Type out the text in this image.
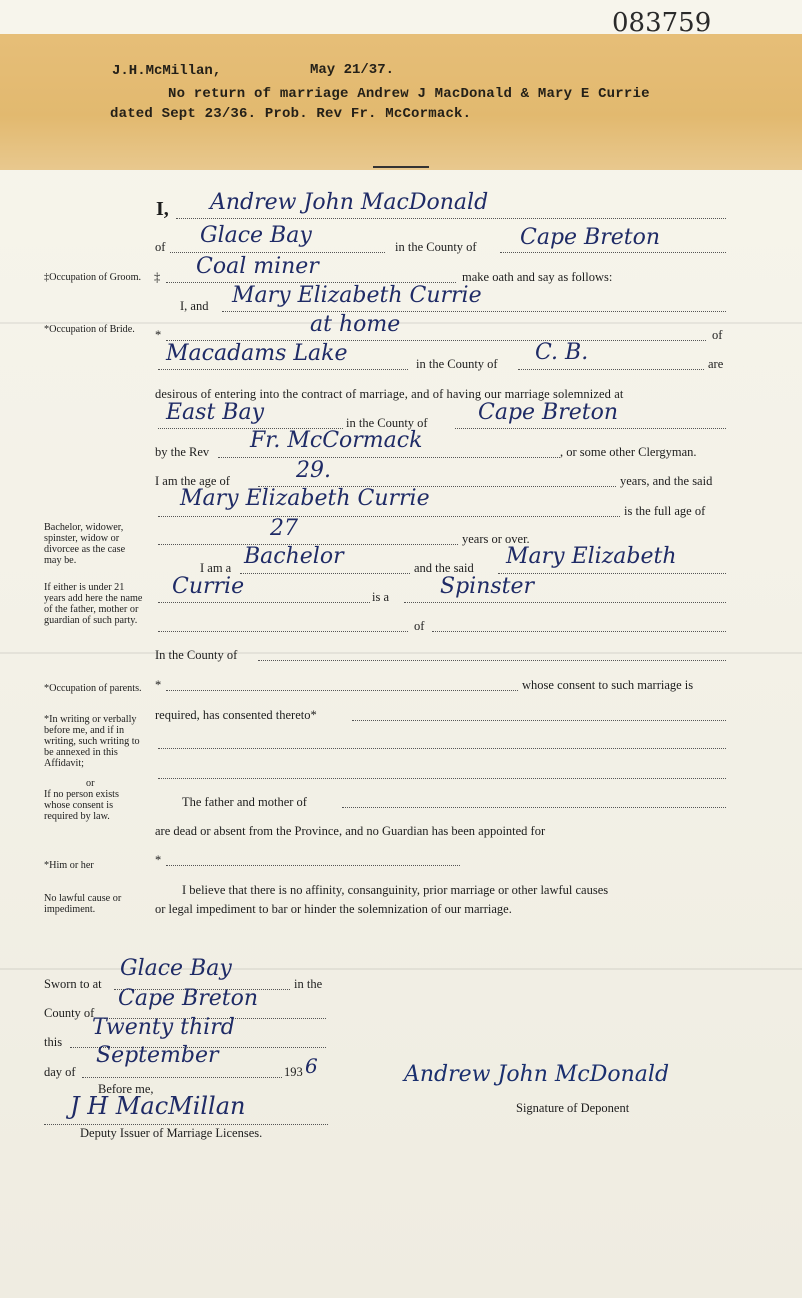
083759
J.H.McMillan,	May 21/37.
No return of marriage Andrew J MacDonald & Mary E Currie
dated Sept 23/36. Prob. Rev Fr. McCormack.
‡Occupation of Groom.
*Occupation of Bride.
Bachelor, widower, spinster, widow or divorcee as the case may be.
If either is under 21 years add here the name of the father, mother or guardian of such party.
*Occupation of parents.
*In writing or verbally before me, and if in writing, such writing to be annexed in this Affidavit;
or
If no person exists whose consent is required by law.
*Him or her
No lawful cause or impediment.
I, Andrew John MacDonald
of Glace Bay	in the County of Cape Breton
‡ Coal miner	make oath and say as follows:
I, and Mary Elizabeth Currie
*	at home	of
Macadams Lake	in the County of C. B.	are
desirous of entering into the contract of marriage, and of having our marriage solemnized at
East Bay	in the County of Cape Breton
by the Rev Fr. McCormack	, or some other Clergyman.
I am the age of	29.	years, and the said
Mary Elizabeth Currie	is the full age of
27	years or over.
I am a Bachelor	and the said Mary Elizabeth
Currie	is a Spinster
of
In the County of
*	whose consent to such marriage is
required, has consented thereto*
The father and mother of
are dead or absent from the Province, and no Guardian has been appointed for
*
I believe that there is no affinity, consanguinity, prior marriage or other lawful causes
or legal impediment to bar or hinder the solemnization of our marriage.
Sworn to at
Glace Bay
in the
County of
Cape Breton
this
Twenty third
day of
September
193 6
Before me,
J H MacMillan
Deputy Issuer of Marriage Licenses.
Andrew John McDonald
Signature of Deponent
